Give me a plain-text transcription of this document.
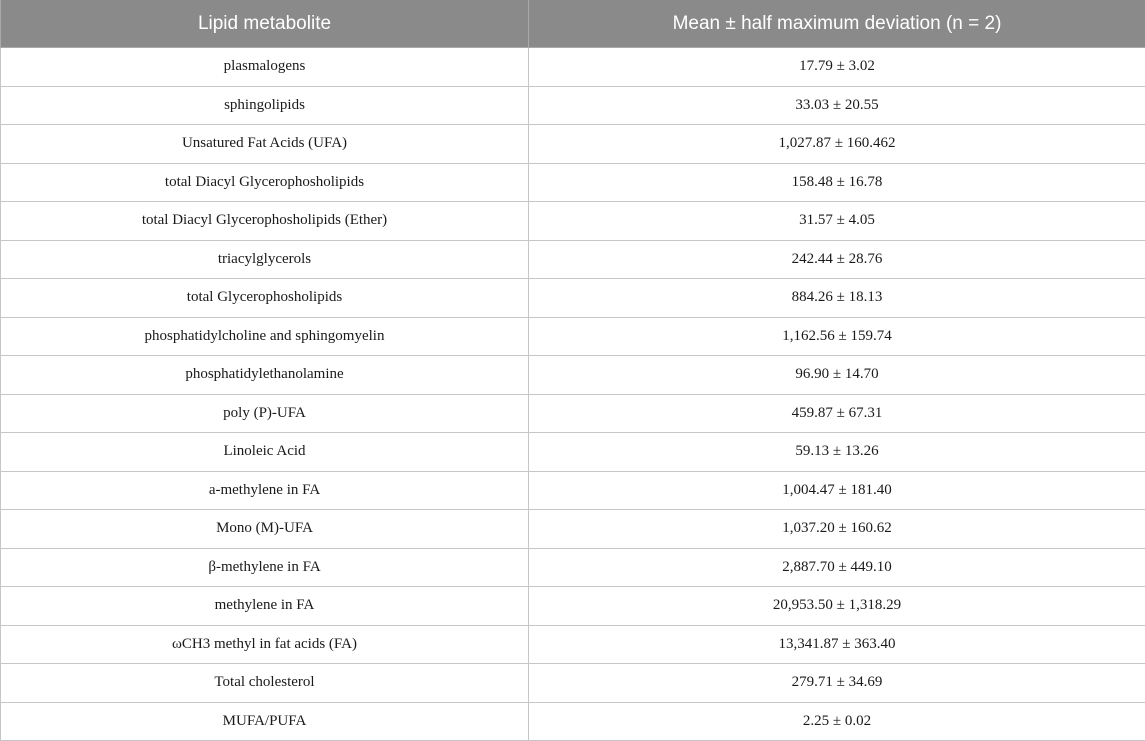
Lipid metabolite	Mean ± half maximum deviation (n = 2)
plasmalogens	17.79 ± 3.02
sphingolipids	33.03 ± 20.55
Unsatured Fat Acids (UFA)	1,027.87 ± 160.462
total Diacyl Glycerophosholipids	158.48 ± 16.78
total Diacyl Glycerophosholipids (Ether)	31.57 ± 4.05
triacylglycerols	242.44 ± 28.76
total Glycerophosholipids	884.26 ± 18.13
phosphatidylcholine and sphingomyelin	1,162.56 ± 159.74
phosphatidylethanolamine	96.90 ± 14.70
poly (P)-UFA	459.87 ± 67.31
Linoleic Acid	59.13 ± 13.26
a-methylene in FA	1,004.47 ± 181.40
Mono (M)-UFA	1,037.20 ± 160.62
β-methylene in FA	2,887.70 ± 449.10
methylene in FA	20,953.50 ± 1,318.29
ωCH3 methyl in fat acids (FA)	13,341.87 ± 363.40
Total cholesterol	279.71 ± 34.69
MUFA/PUFA	2.25 ± 0.02
